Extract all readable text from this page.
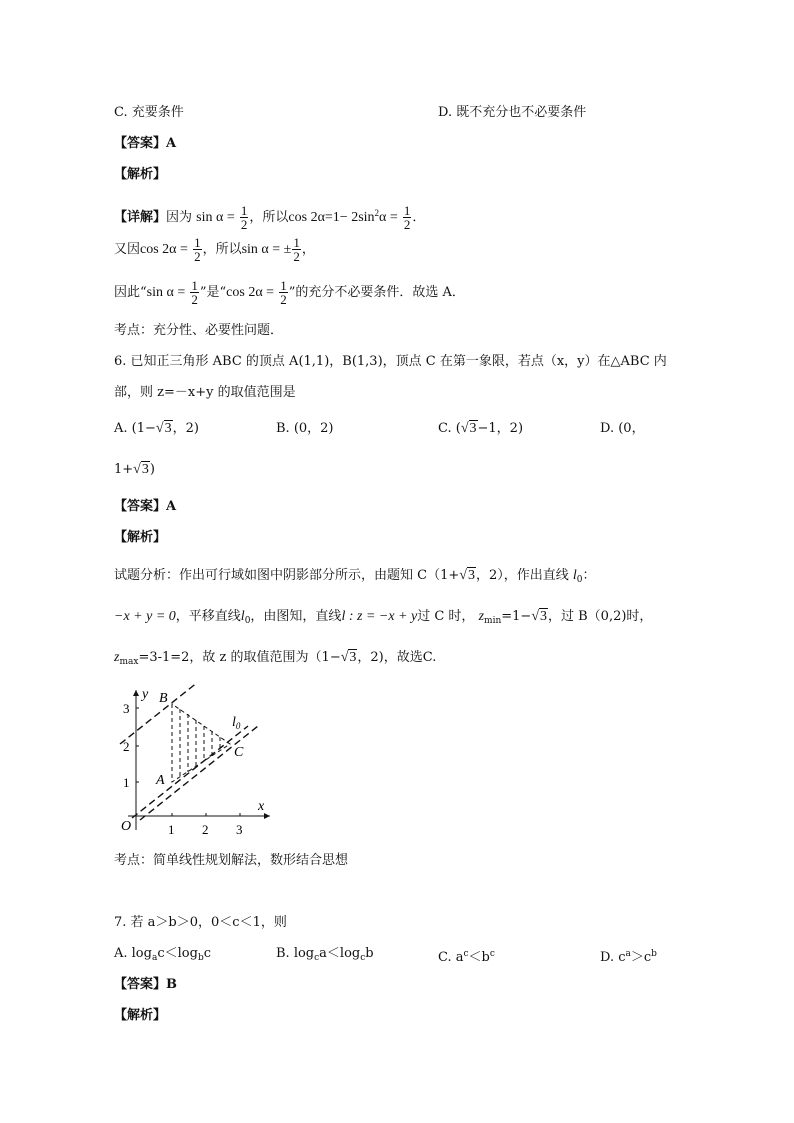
C. 充要条件	D. 既不充分也不必要条件
【答案】A
【解析】
【详解】因为 $\sin \alpha = \frac{1}{2}$ ，所以$\cos 2\alpha=1- 2\sin^2\alpha = \frac{1}{2}$ ．
又因$\cos 2\alpha = \frac{1}{2}$ ，所以sin α = ± $\frac{1}{2}$ ，
因此“sin $\alpha = \frac{1}{2}$ ”是“cos $2\alpha = \frac{1}{2}$ ”的充分不必要条件．故选 A．
考点：充分性、必要性问题．
6. 已知正三角形 ABC 的顶点 A(1,1)，B(1,3)，顶点 C 在第一象限，若点（x，y）在△ABC 内
部，则 z=－x+y 的取值范围是
A. (1−√3，2)	B. (0，2)	C. (√3−1，2)	D. (0，
1+√3)
【答案】A
【解析】
试题分析：作出可行域如图中阴影部分所示，由题知 C（1+√3，2），作出直线 $l_0$：
−x + y = 0，平移直线$l_0$，由图知，直线l : z = −x + y过 C 时， $z_{min}=1-√3$，过 B（0,2)时，
$z_{max}=3-1=2$，故 z 的取值范围为（1−√3，2)，故选C.
y
x
O
B
A
C
$l_0$
1 2 3
1
2
3
考点：简单线性规划解法，数形结合思想
7. 若 a＞b＞0，0＜c＜1，则
A. $\log_ac<\log_bc$	B. $\log_ca<\log_cb$	C. $a^c<b^c$	D. $c^a>c^b$
【答案】B
【解析】
